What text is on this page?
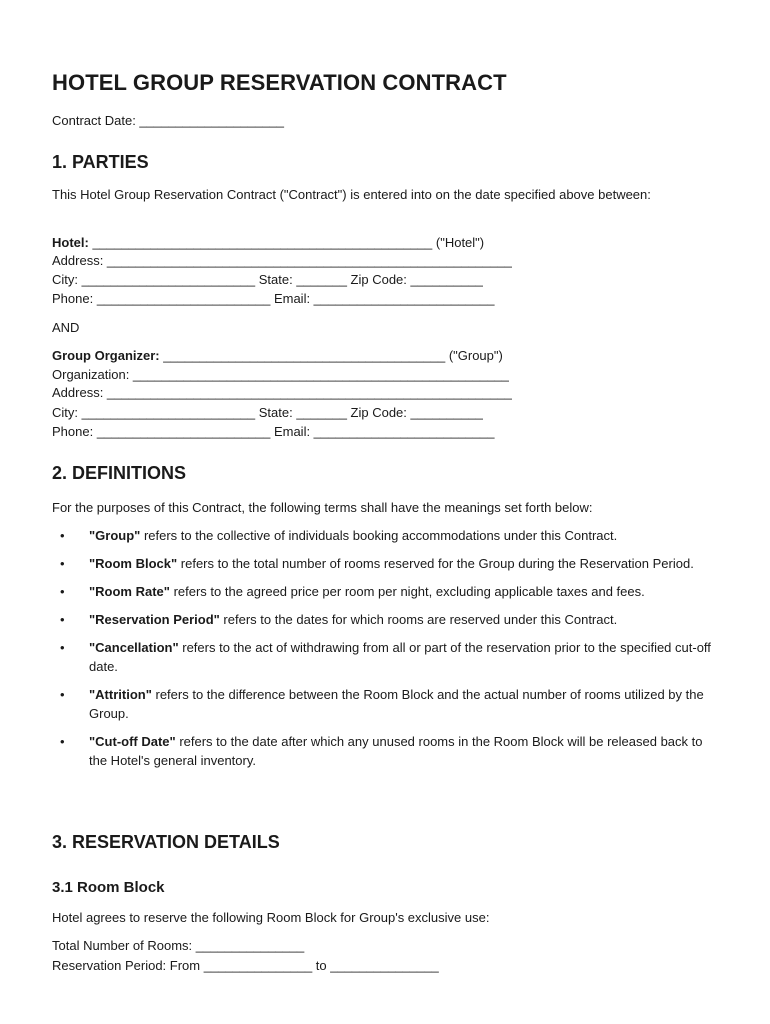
HOTEL GROUP RESERVATION CONTRACT
Contract Date: ____________________
1. PARTIES
This Hotel Group Reservation Contract ("Contract") is entered into on the date specified above between:
Hotel: _______________________________________________ ("Hotel")
Address: ________________________________________________________
City: ________________________ State: _______ Zip Code: __________
Phone: ________________________ Email: _________________________
AND
Group Organizer: _______________________________________ ("Group")
Organization: ____________________________________________________
Address: ________________________________________________________
City: ________________________ State: _______ Zip Code: __________
Phone: ________________________ Email: _________________________
2. DEFINITIONS
For the purposes of this Contract, the following terms shall have the meanings set forth below:
• "Group" refers to the collective of individuals booking accommodations under this Contract.
• "Room Block" refers to the total number of rooms reserved for the Group during the Reservation Period.
• "Room Rate" refers to the agreed price per room per night, excluding applicable taxes and fees.
• "Reservation Period" refers to the dates for which rooms are reserved under this Contract.
• "Cancellation" refers to the act of withdrawing from all or part of the reservation prior to the specified cut-off date.
• "Attrition" refers to the difference between the Room Block and the actual number of rooms utilized by the Group.
• "Cut-off Date" refers to the date after which any unused rooms in the Room Block will be released back to the Hotel's general inventory.
3. RESERVATION DETAILS
3.1 Room Block
Hotel agrees to reserve the following Room Block for Group's exclusive use:
Total Number of Rooms: _______________
Reservation Period: From _______________ to _______________
